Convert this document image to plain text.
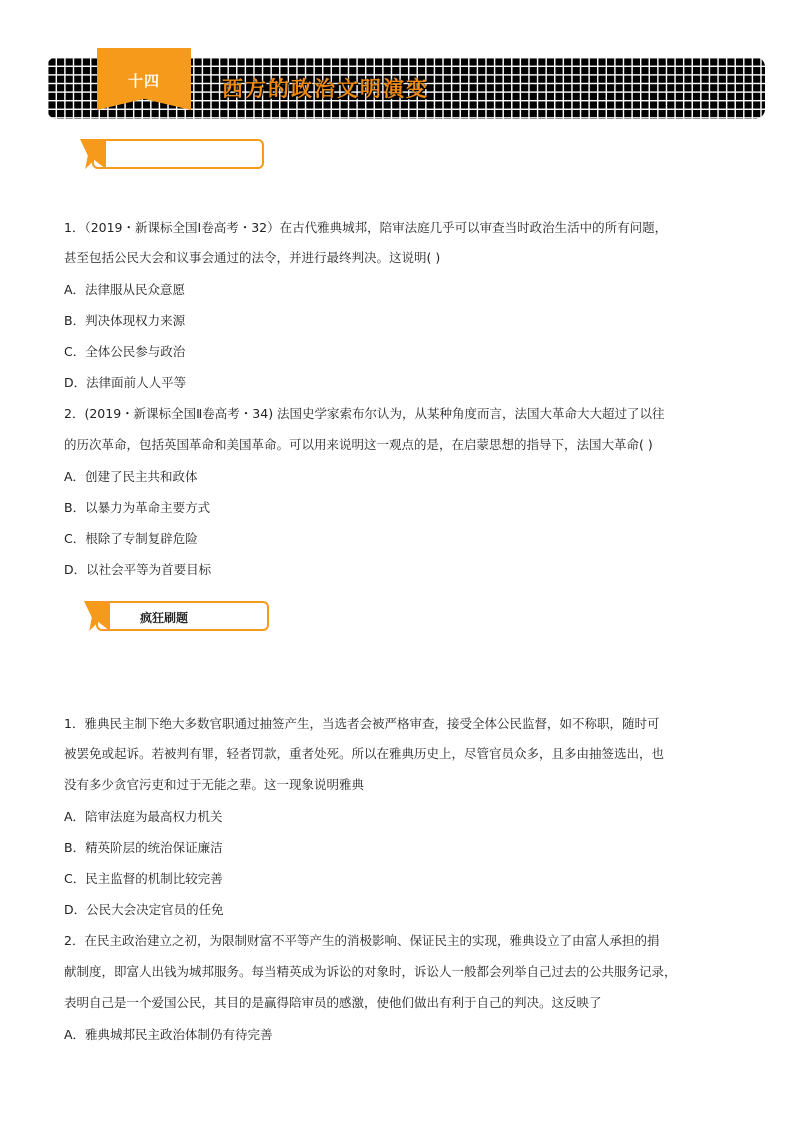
十四	西方的政治文明演变
1．（2019・新课标全国Ⅰ卷高考・32）在古代雅典城邦，陪审法庭几乎可以审查当时政治生活中的所有问题，
甚至包括公民大会和议事会通过的法令，并进行最终判决。这说明( )
A．法律服从民众意愿
B．判决体现权力来源
C．全体公民参与政治
D．法律面前人人平等
2．(2019・新课标全国Ⅱ卷高考・34) 法国史学家索布尔认为，从某种角度而言，法国大革命大大超过了以往
的历次革命，包括英国革命和美国革命。可以用来说明这一观点的是，在启蒙思想的指导下，法国大革命( )
A．创建了民主共和政体
B．以暴力为革命主要方式
C．根除了专制复辟危险
D．以社会平等为首要目标
疯狂刷题
1．雅典民主制下绝大多数官职通过抽签产生，当选者会被严格审查，接受全体公民监督，如不称职，随时可
被罢免或起诉。若被判有罪，轻者罚款，重者处死。所以在雅典历史上，尽管官员众多，且多由抽签选出，也
没有多少贪官污吏和过于无能之辈。这一现象说明雅典
A．陪审法庭为最高权力机关
B．精英阶层的统治保证廉洁
C．民主监督的机制比较完善
D．公民大会决定官员的任免
2．在民主政治建立之初，为限制财富不平等产生的消极影响、保证民主的实现，雅典设立了由富人承担的捐
献制度，即富人出钱为城邦服务。每当精英成为诉讼的对象时，诉讼人一般都会列举自己过去的公共服务记录，
表明自己是一个爱国公民，其目的是赢得陪审员的感激，使他们做出有利于自己的判决。这反映了
A．雅典城邦民主政治体制仍有待完善
